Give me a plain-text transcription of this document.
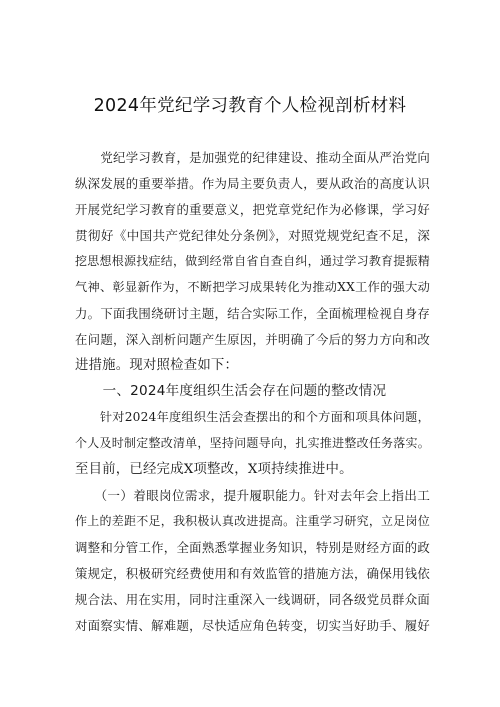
2024年党纪学习教育个人检视剖析材料
　　党纪学习教育，是加强党的纪律建设、推动全面从严治党向
纵深发展的重要举措。作为局主要负责人，要从政治的高度认识
开展党纪学习教育的重要意义，把党章党纪作为必修课，学习好
贯彻好《中国共产党纪律处分条例》，对照党规党纪查不足，深
挖思想根源找症结，做到经常自省自查自纠，通过学习教育提振精
气神、彰显新作为，不断把学习成果转化为推动XX工作的强大动
力。下面我围绕研讨主题，结合实际工作，全面梳理检视自身存
在问题，深入剖析问题产生原因，并明确了今后的努力方向和改
进措施。现对照检查如下：
　　一、2024年度组织生活会存在问题的整改情况
　　针对2024年度组织生活会查摆出的和个方面和项具体问题，
个人及时制定整改清单，坚持问题导向，扎实推进整改任务落实。
至目前，已经完成X项整改，X项持续推进中。
　　（一）着眼岗位需求，提升履职能力。针对去年会上指出工
作上的差距不足，我积极认真改进提高。注重学习研究，立足岗位
调整和分管工作，全面熟悉掌握业务知识，特别是财经方面的政
策规定，积极研究经费使用和有效监管的措施方法，确保用钱依
规合法、用在实用，同时注重深入一线调研，同各级党员群众面
对面察实情、解难题，尽快适应角色转变，切实当好助手、履好
